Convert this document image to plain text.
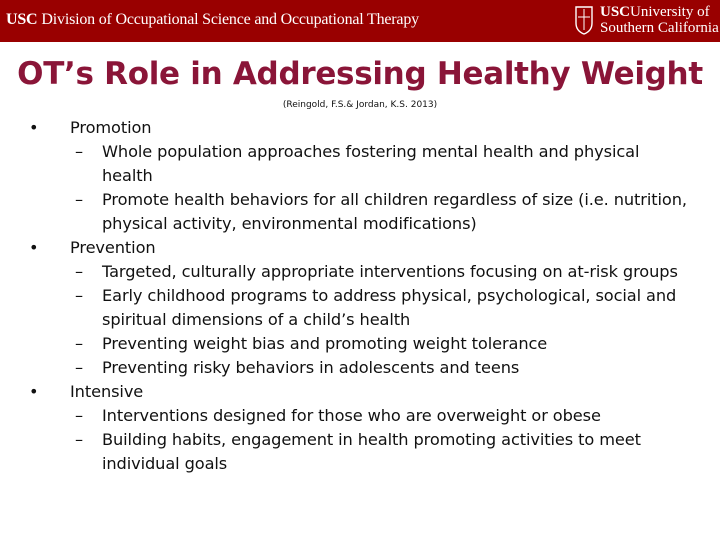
USC Division of Occupational Science and Occupational Therapy	USCUniversity of
Southern California
OT’s Role in Addressing Healthy Weight
(Reingold, F.S.& Jordan, K.S. 2013)
• Promotion
– Whole population approaches fostering mental health and physical health
– Promote health behaviors for all children regardless of size (i.e. nutrition, physical activity, environmental modifications)
• Prevention
– Targeted, culturally appropriate interventions focusing on at-risk groups
– Early childhood programs to address physical, psychological, social and spiritual dimensions of a child’s health
– Preventing weight bias and promoting weight tolerance
– Preventing risky behaviors in adolescents and teens
• Intensive
– Interventions designed for those who are overweight or obese
– Building habits, engagement in health promoting activities to meet individual goals
